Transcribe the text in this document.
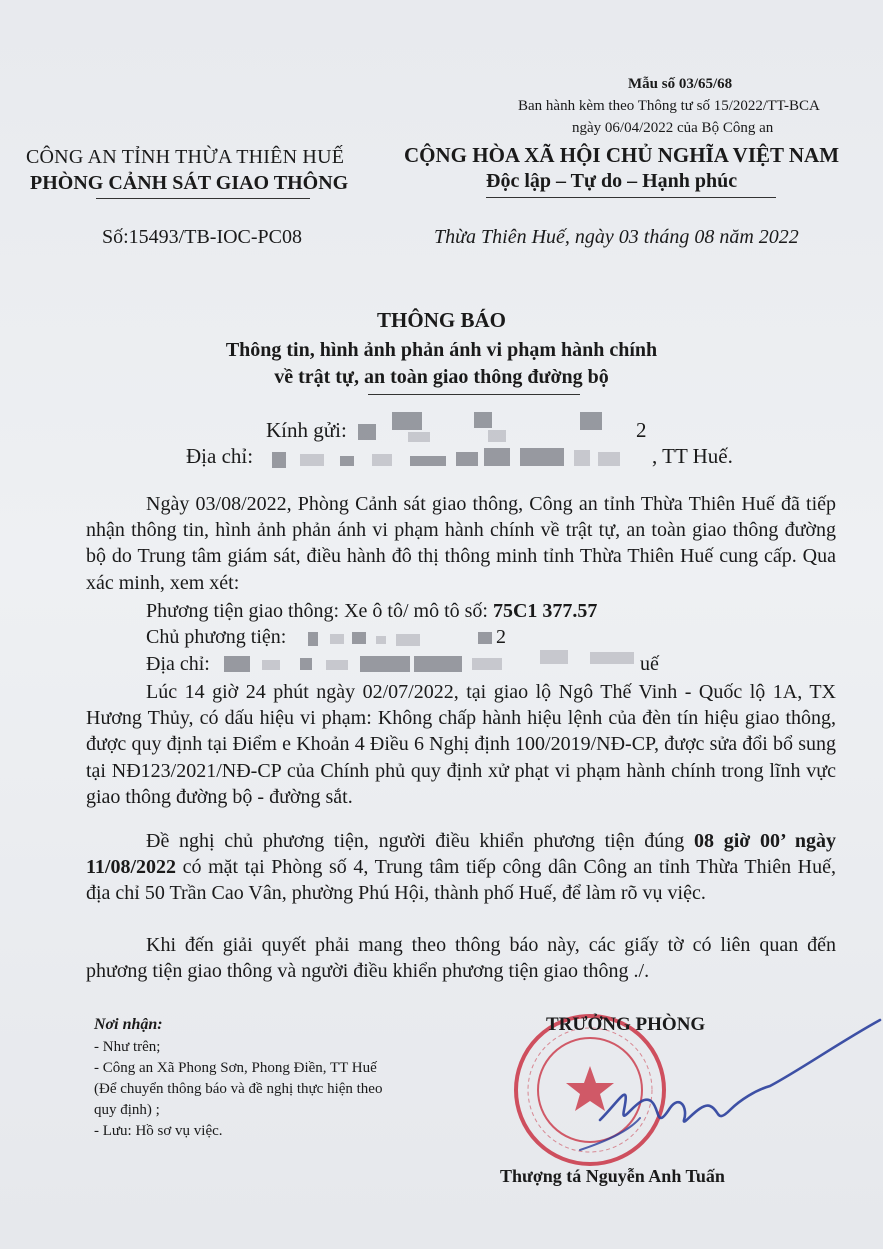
Mẫu số 03/65/68
Ban hành kèm theo Thông tư số 15/2022/TT-BCA
ngày 06/04/2022 của Bộ Công an
CÔNG AN TỈNH THỪA THIÊN HUẾ
PHÒNG CẢNH SÁT GIAO THÔNG
CỘNG HÒA XÃ HỘI CHỦ NGHĨA VIỆT NAM
Độc lập – Tự do – Hạnh phúc
Số:15493/TB-IOC-PC08	Thừa Thiên Huế, ngày 03 tháng 08 năm 2022
THÔNG BÁO
Thông tin, hình ảnh phản ánh vi phạm hành chính
về trật tự, an toàn giao thông đường bộ
Kính gửi:	2
Địa chỉ:	, TT Huế.
Ngày 03/08/2022, Phòng Cảnh sát giao thông, Công an tỉnh Thừa Thiên Huế đã tiếp nhận thông tin, hình ảnh phản ánh vi phạm hành chính về trật tự, an toàn giao thông đường bộ do Trung tâm giám sát, điều hành đô thị thông minh tỉnh Thừa Thiên Huế cung cấp. Qua xác minh, xem xét:
Phương tiện giao thông: Xe ô tô/ mô tô số: 75C1 377.57
Chủ phương tiện:	2
Địa chỉ:	uế
Lúc 14 giờ 24 phút ngày 02/07/2022, tại giao lộ Ngô Thế Vinh - Quốc lộ 1A, TX Hương Thủy, có dấu hiệu vi phạm: Không chấp hành hiệu lệnh của đèn tín hiệu giao thông, được quy định tại Điểm e Khoản 4 Điều 6 Nghị định 100/2019/NĐ-CP, được sửa đổi bổ sung tại NĐ123/2021/NĐ-CP của Chính phủ quy định xử phạt vi phạm hành chính trong lĩnh vực giao thông đường bộ - đường sắt.
Đề nghị chủ phương tiện, người điều khiển phương tiện đúng 08 giờ 00’ ngày 11/08/2022 có mặt tại Phòng số 4, Trung tâm tiếp công dân Công an tỉnh Thừa Thiên Huế, địa chỉ 50 Trần Cao Vân, phường Phú Hội, thành phố Huế, để làm rõ vụ việc.
Khi đến giải quyết phải mang theo thông báo này, các giấy tờ có liên quan đến phương tiện giao thông và người điều khiển phương tiện giao thông ./.
Nơi nhận:
- Như trên;
- Công an Xã Phong Sơn, Phong Điền, TT Huế
(Để chuyển thông báo và đề nghị thực hiện theo
quy định) ;
- Lưu: Hồ sơ vụ việc.
TRƯỞNG PHÒNG
Thượng tá Nguyễn Anh Tuấn
